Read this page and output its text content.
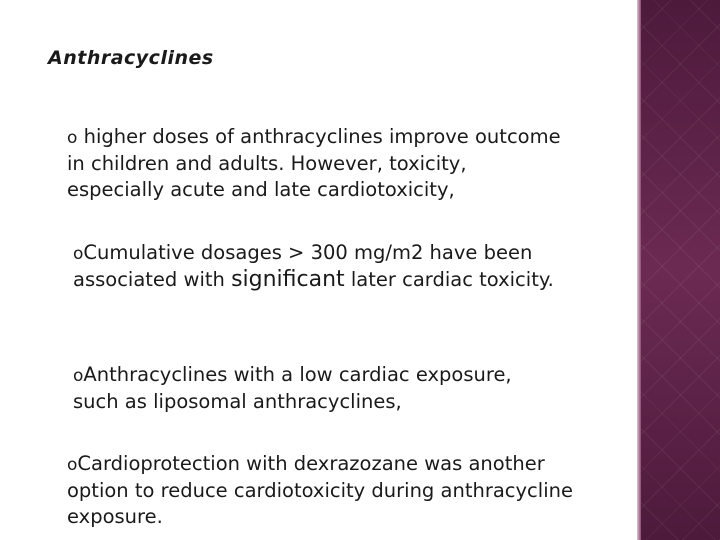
Anthracyclines
o higher doses of anthracyclines improve outcome
in children and adults. However, toxicity,
especially acute and late cardiotoxicity,
oCumulative dosages > 300 mg/m2 have been
associated with significant later cardiac toxicity.
oAnthracyclines with a low cardiac exposure,
such as liposomal anthracyclines,
oCardioprotection with dexrazozane was another
option to reduce cardiotoxicity during anthracycline
exposure.
